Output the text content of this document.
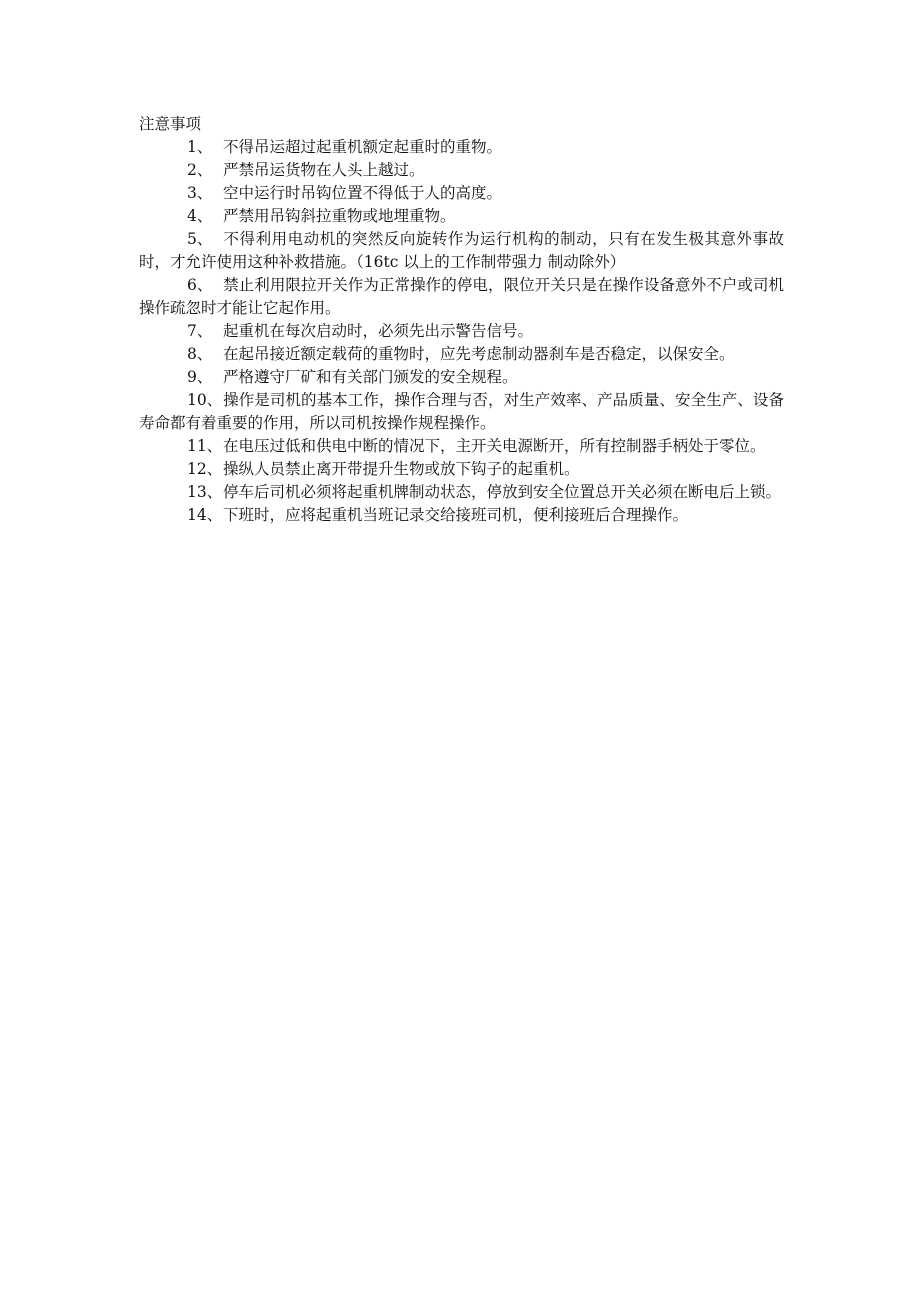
注意事项

1、 不得吊运超过起重机额定起重时的重物。

2、 严禁吊运货物在人头上越过。

3、 空中运行时吊钩位置不得低于人的高度。

4、 严禁用吊钩斜拉重物或地埋重物。

5、 不得利用电动机的突然反向旋转作为运行机构的制动，只有在发生极其意外事故时，才允许使用这种补救措施。（16tc 以上的工作制带强力 制动除外）

6、 禁止利用限拉开关作为正常操作的停电，限位开关只是在操作设备意外不户或司机操作疏忽时才能让它起作用。

7、 起重机在每次启动时，必须先出示警告信号。

8、 在起吊接近额定载荷的重物时，应先考虑制动器刹车是否稳定，以保安全。

9、 严格遵守厂矿和有关部门颁发的安全规程。

10、操作是司机的基本工作，操作合理与否，对生产效率、产品质量、安全生产、设备寿命都有着重要的作用，所以司机按操作规程操作。

11、在电压过低和供电中断的情况下，主开关电源断开，所有控制器手柄处于零位。

12、操纵人员禁止离开带提升生物或放下钩子的起重机。

13、停车后司机必须将起重机牌制动状态，停放到安全位置总开关必须在断电后上锁。

14、下班时，应将起重机当班记录交给接班司机，便利接班后合理操作。
